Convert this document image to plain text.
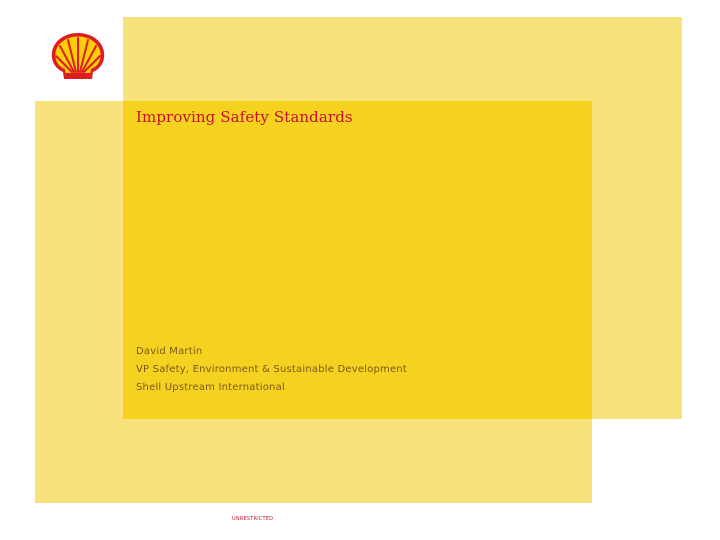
Improving Safety Standards
David Martin
VP Safety, Environment & Sustainable Development
Shell Upstream International
UNRESTRICTED
